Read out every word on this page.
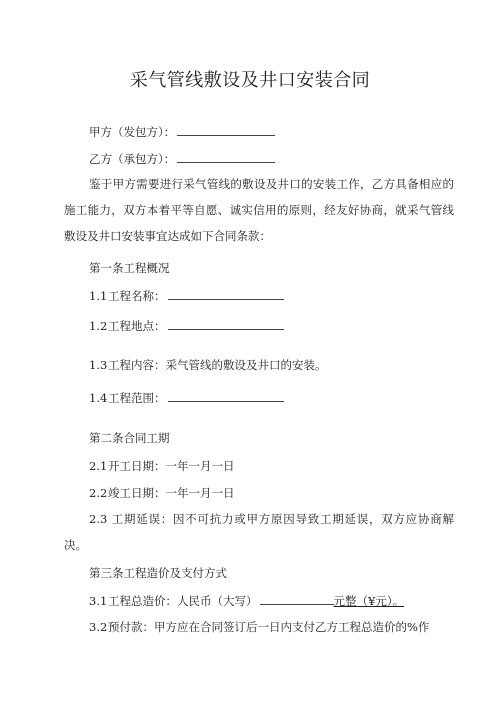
采气管线敷设及井口安装合同
甲方（发包方）：
乙方（承包方）：
鉴于甲方需要进行采气管线的敷设及井口的安装工作，乙方具备相应的施工能力，双方本着平等自愿、诚实信用的原则，经友好协商，就采气管线敷设及井口安装事宜达成如下合同条款：
第一条工程概况
1.1工程名称：
1.2工程地点：
1.3工程内容：采气管线的敷设及井口的安装。
1.4工程范围：
第二条合同工期
2.1开工日期：一年一月一日
2.2竣工日期：一年一月一日
2.3 工期延误：因不可抗力或甲方原因导致工期延误，双方应协商解决。
第三条工程造价及支付方式
3.1工程总造价：人民币（大写）	元整（¥元）。
3.2预付款：甲方应在合同签订后一日内支付乙方工程总造价的%作
